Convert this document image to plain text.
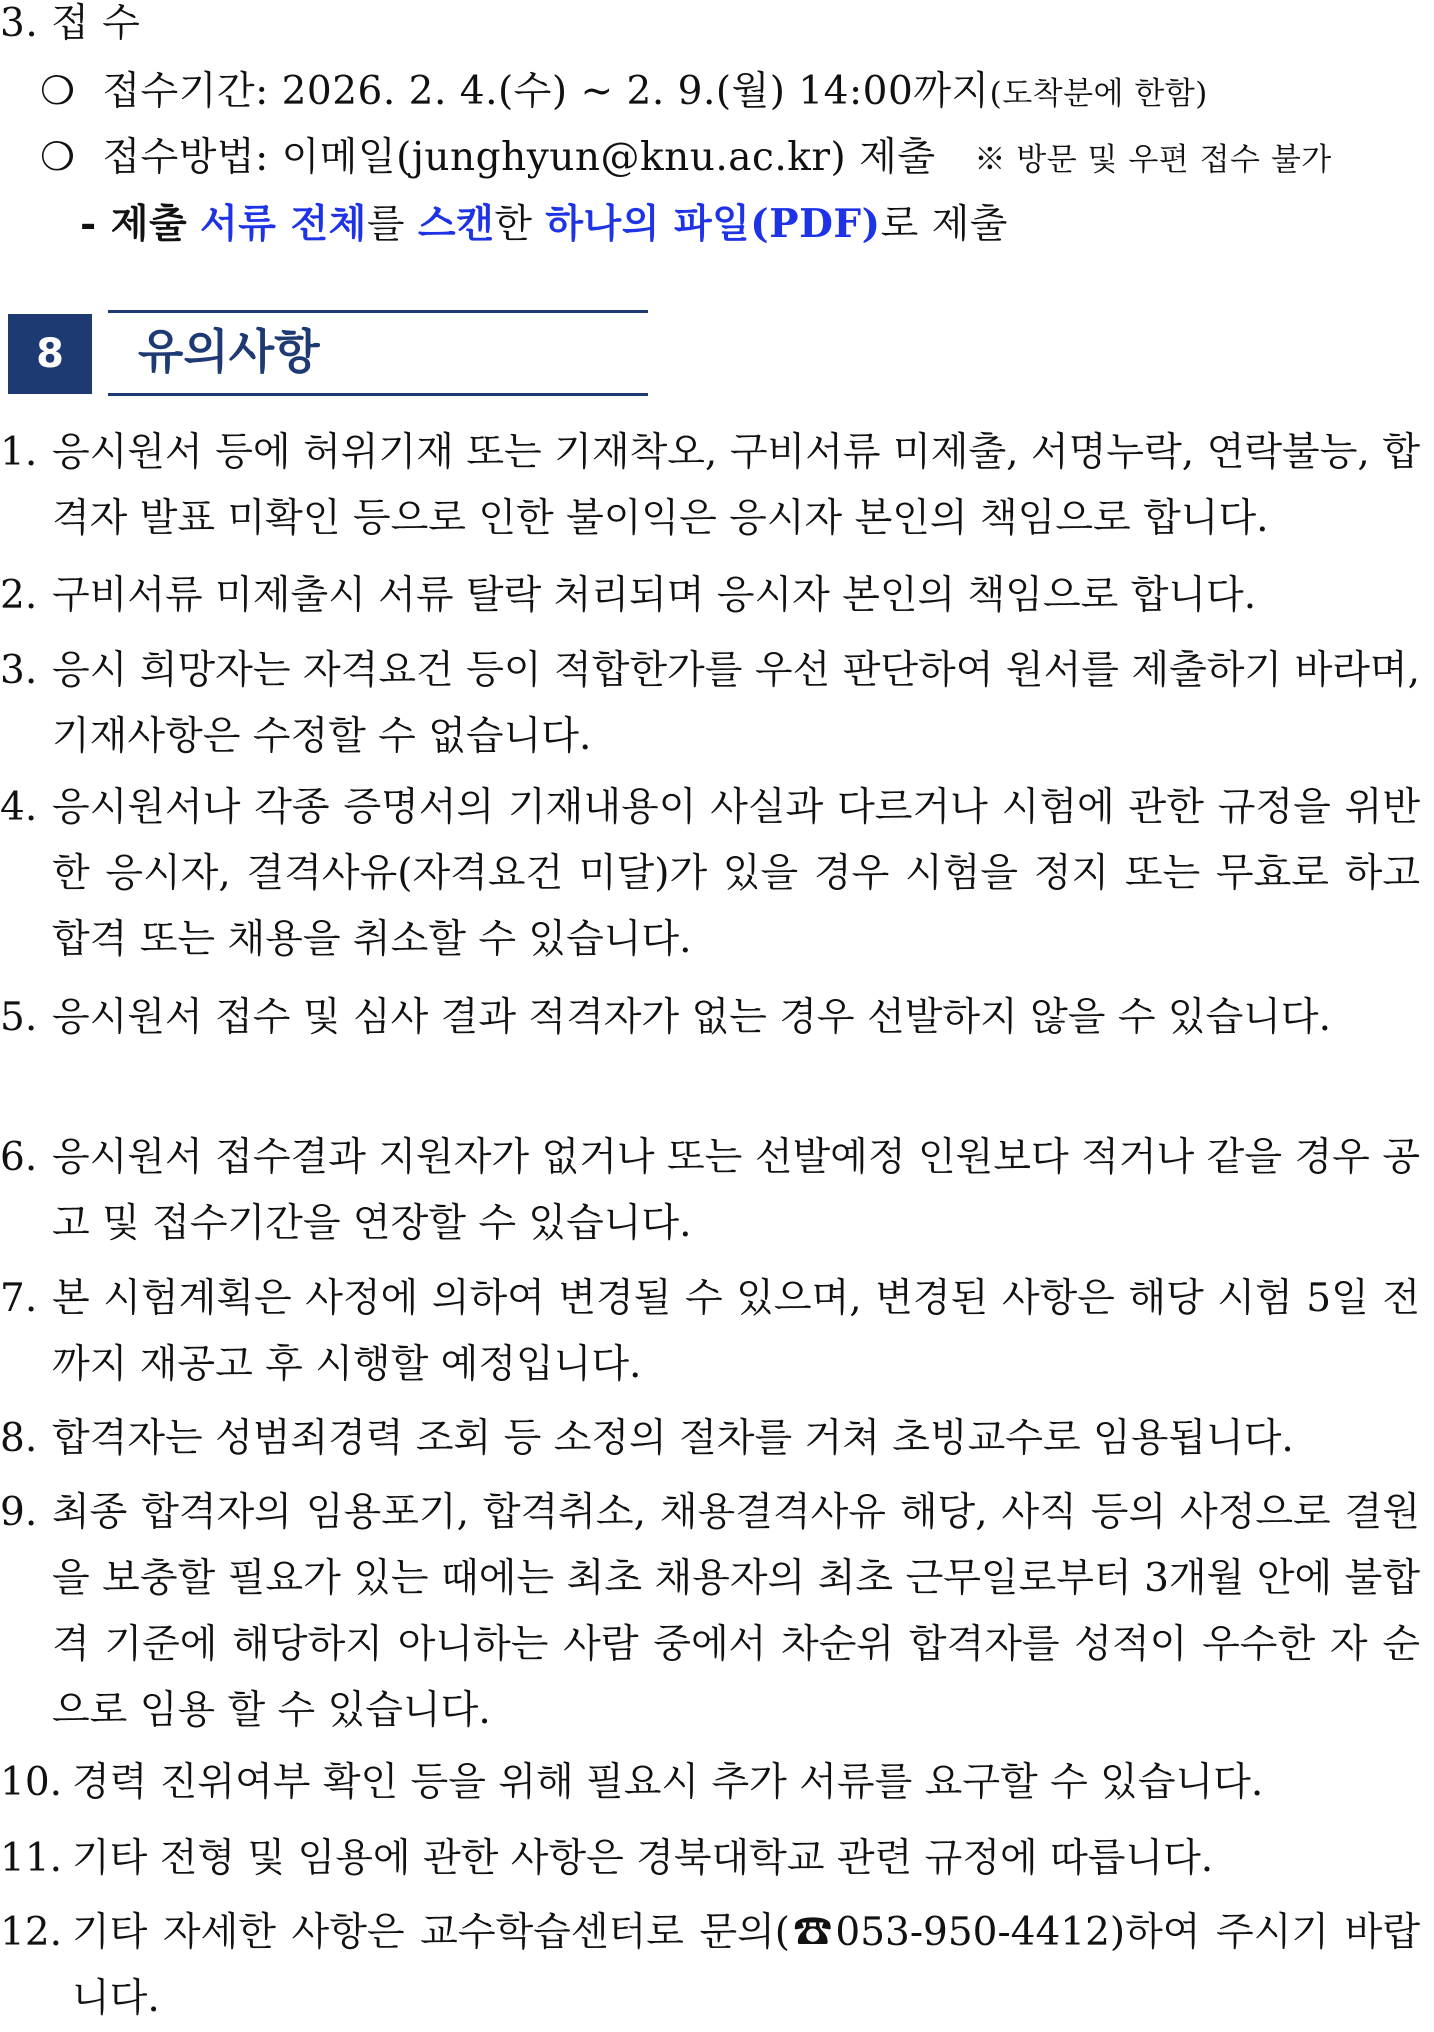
3. 접 수
❍ 접수기간: 2026. 2. 4.(수) ~ 2. 9.(월) 14:00까지(도착분에 한함)
❍ 접수방법: 이메일(junghyun@knu.ac.kr) 제출 ※ 방문 및 우편 접수 불가
- 제출 서류 전체를 스캔한 하나의 파일(PDF)로 제출
8	유의사항
1. 응시원서 등에 허위기재 또는 기재착오, 구비서류 미제출, 서명누락, 연락불능, 합격자 발표 미확인 등으로 인한 불이익은 응시자 본인의 책임으로 합니다.
2. 구비서류 미제출시 서류 탈락 처리되며 응시자 본인의 책임으로 합니다.
3. 응시 희망자는 자격요건 등이 적합한가를 우선 판단하여 원서를 제출하기 바라며, 기재사항은 수정할 수 없습니다.
4. 응시원서나 각종 증명서의 기재내용이 사실과 다르거나 시험에 관한 규정을 위반한 응시자, 결격사유(자격요건 미달)가 있을 경우 시험을 정지 또는 무효로 하고 합격 또는 채용을 취소할 수 있습니다.
5. 응시원서 접수 및 심사 결과 적격자가 없는 경우 선발하지 않을 수 있습니다.
6. 응시원서 접수결과 지원자가 없거나 또는 선발예정 인원보다 적거나 같을 경우 공고 및 접수기간을 연장할 수 있습니다.
7. 본 시험계획은 사정에 의하여 변경될 수 있으며, 변경된 사항은 해당 시험 5일 전까지 재공고 후 시행할 예정입니다.
8. 합격자는 성범죄경력 조회 등 소정의 절차를 거쳐 초빙교수로 임용됩니다.
9. 최종 합격자의 임용포기, 합격취소, 채용결격사유 해당, 사직 등의 사정으로 결원을 보충할 필요가 있는 때에는 최초 채용자의 최초 근무일로부터 3개월 안에 불합격 기준에 해당하지 아니하는 사람 중에서 차순위 합격자를 성적이 우수한 자 순으로 임용 할 수 있습니다.
10. 경력 진위여부 확인 등을 위해 필요시 추가 서류를 요구할 수 있습니다.
11. 기타 전형 및 임용에 관한 사항은 경북대학교 관련 규정에 따릅니다.
12. 기타 자세한 사항은 교수학습센터로 문의(☎053-950-4412)하여 주시기 바랍니다.
